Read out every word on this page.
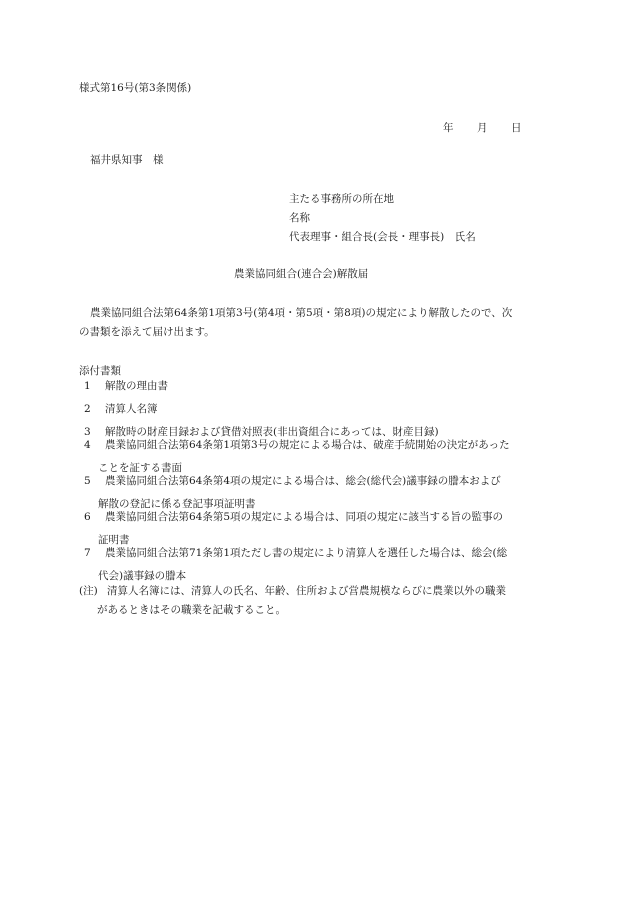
様式第16号(第3条関係)
年 月 日
福井県知事　様
主たる事務所の所在地
名称
代表理事・組合長(会長・理事長)　氏名
農業協同組合(連合会)解散届
農業協同組合法第64条第1項第3号(第4項・第5項・第8項)の規定により解散したので、次
の書類を添えて届け出ます。
添付書類
1 解散の理由書
2 清算人名簿
3 解散時の財産目録および貸借対照表(非出資組合にあっては、財産目録)
4 農業協同組合法第64条第1項第3号の規定による場合は、破産手続開始の決定があった
ことを証する書面
5 農業協同組合法第64条第4項の規定による場合は、総会(総代会)議事録の謄本および
解散の登記に係る登記事項証明書
6 農業協同組合法第64条第5項の規定による場合は、同項の規定に該当する旨の監事の
証明書
7 農業協同組合法第71条第1項ただし書の規定により清算人を選任した場合は、総会(総
代会)議事録の謄本
(注) 清算人名簿には、清算人の氏名、年齢、住所および営農規模ならびに農業以外の職業
があるときはその職業を記載すること。
